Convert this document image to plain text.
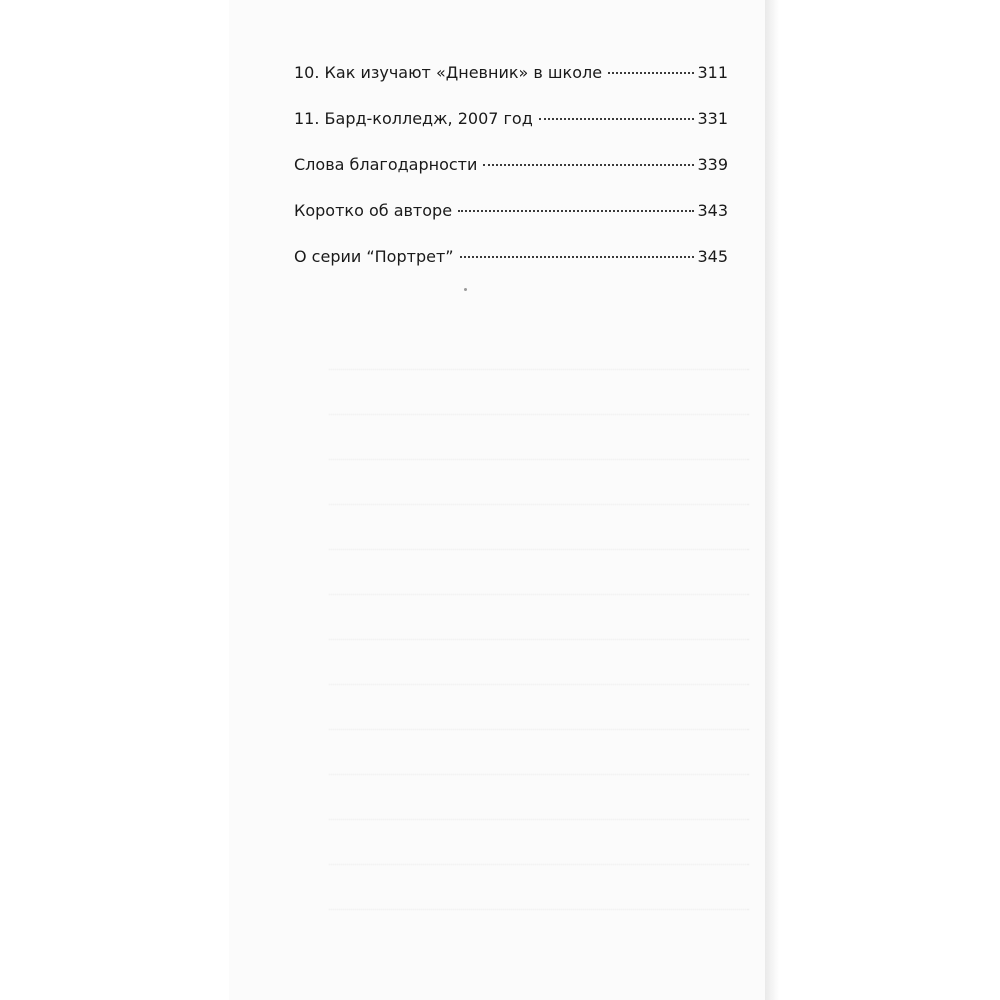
10. Как изучают «Дневник» в школе	311
11. Бард-колледж, 2007 год	331
Слова благодарности	339
Коротко об авторе	343
О серии “Портрет”	345
